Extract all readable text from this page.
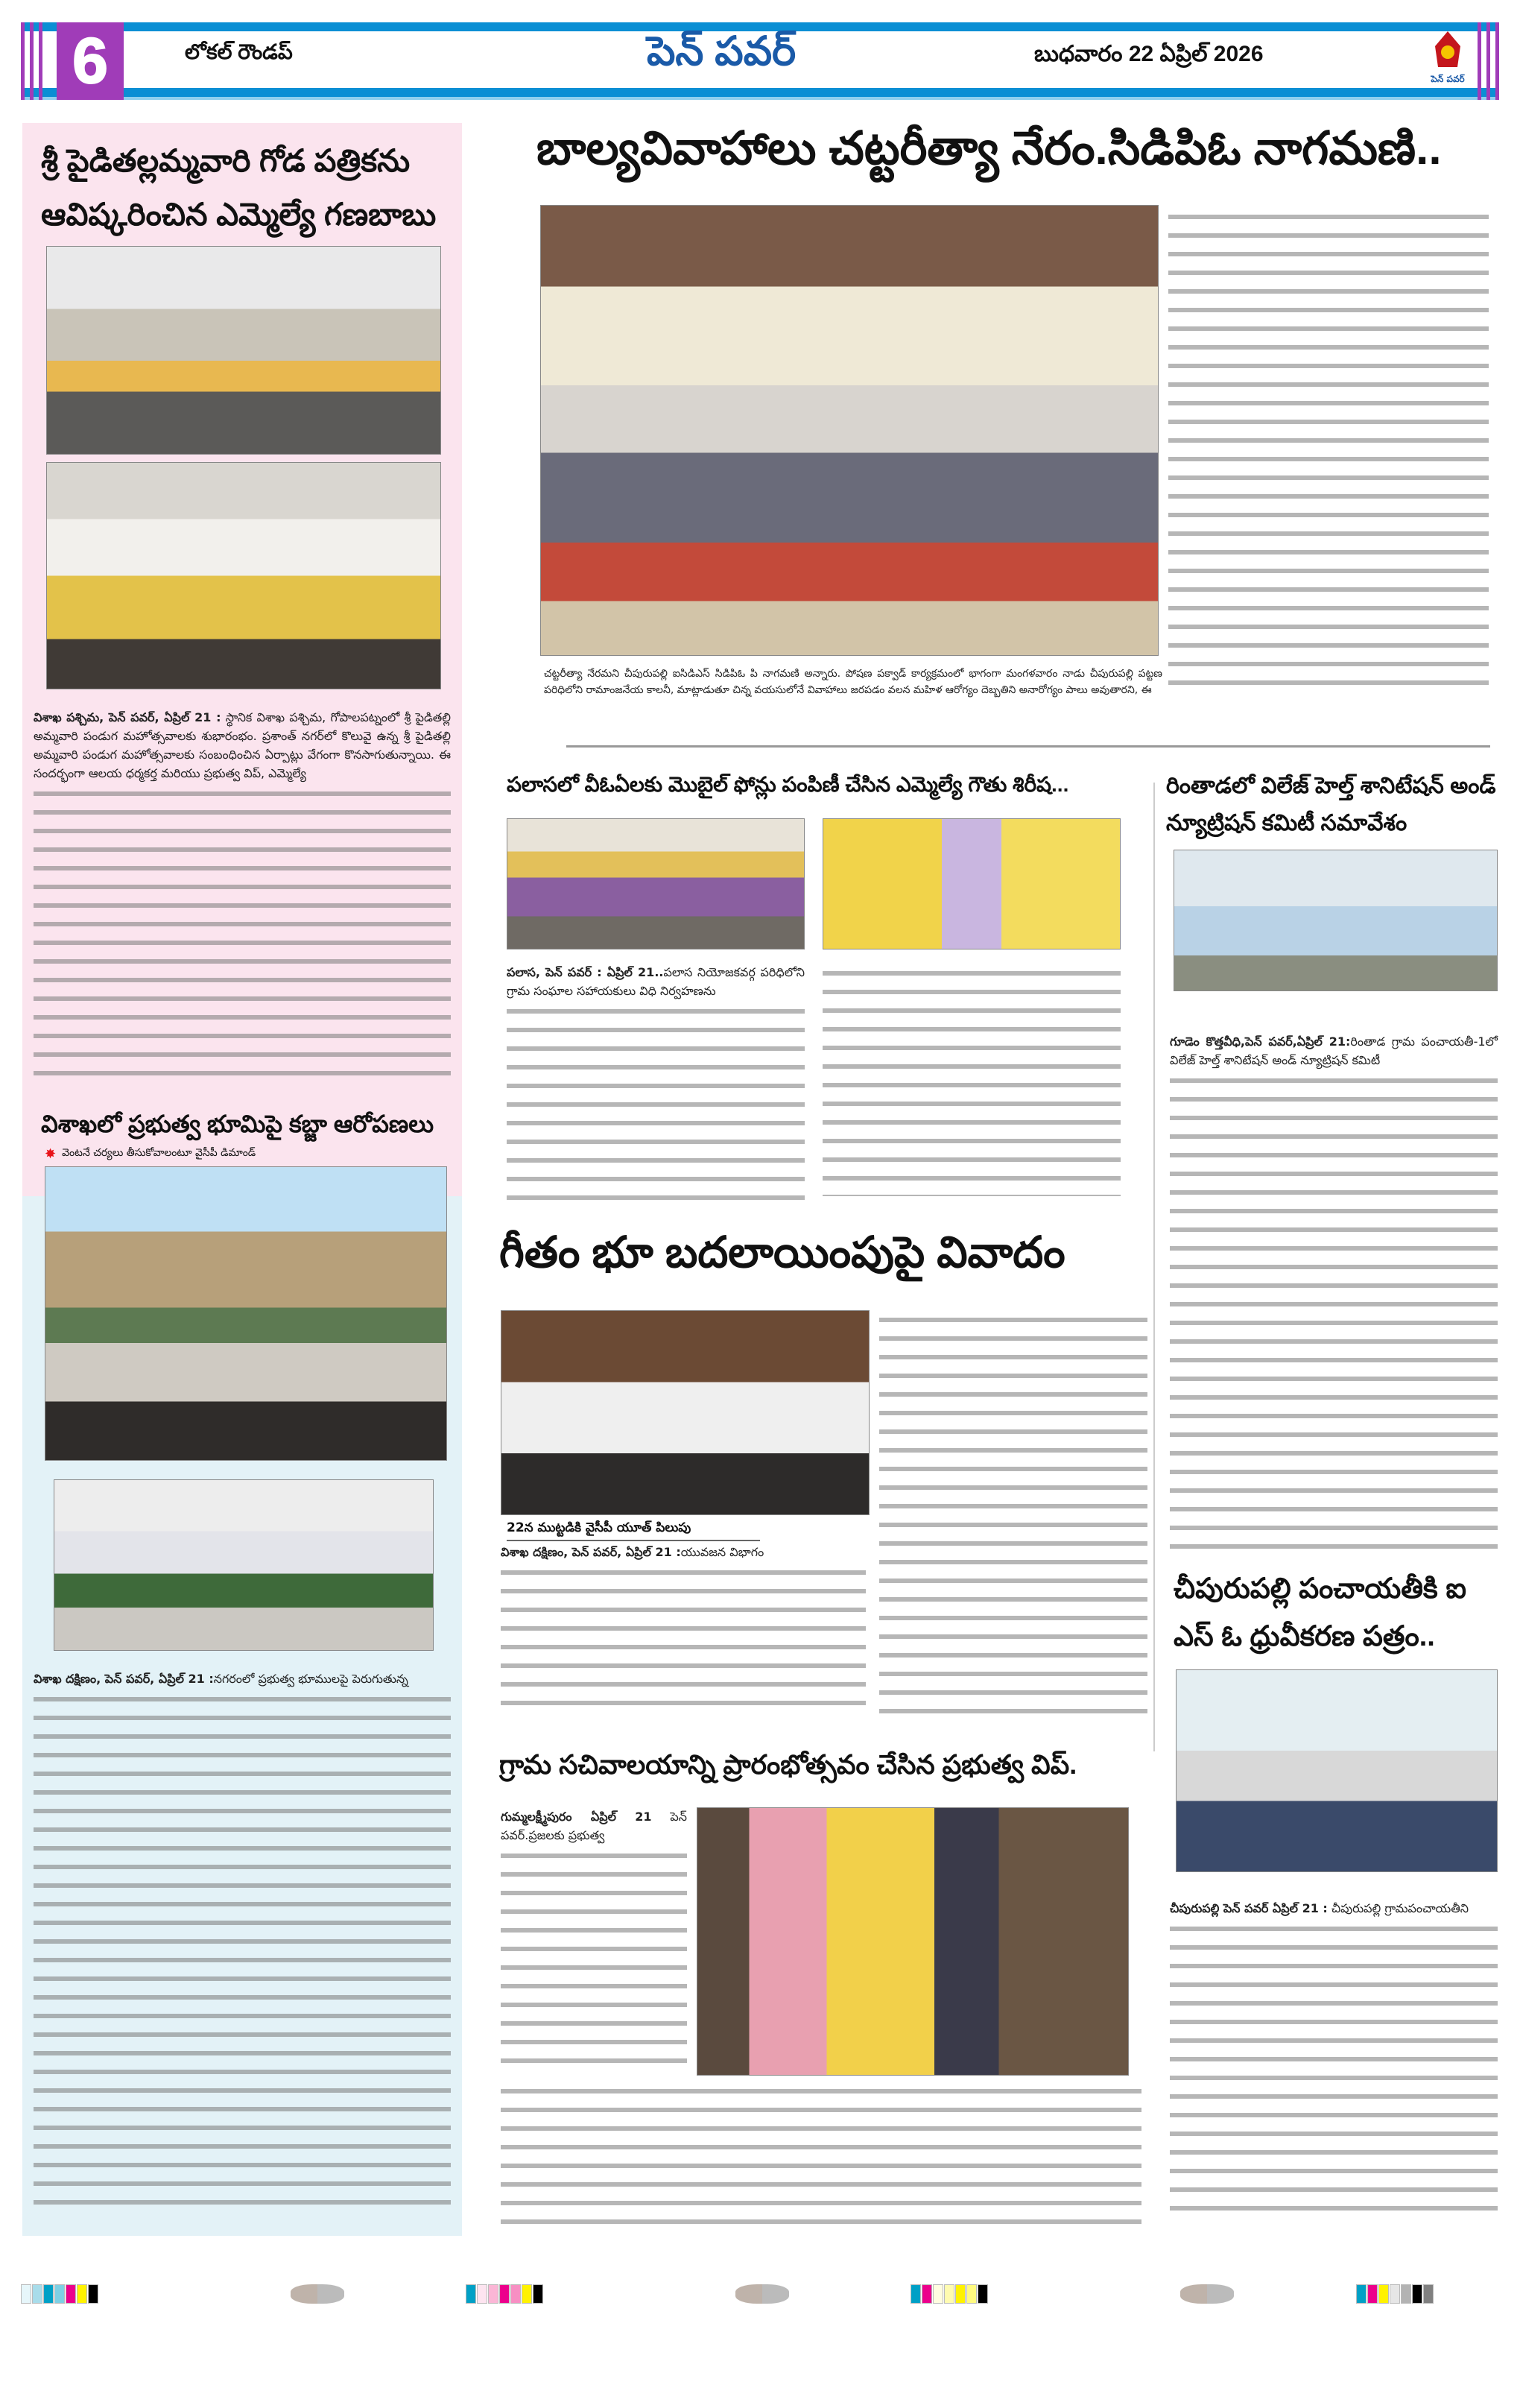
6	లోకల్ రౌండప్	పెన్ పవర్	బుధవారం 22 ఏప్రిల్ 2026
పెన్ పవర్
శ్రీ పైడితల్లమ్మవారి గోడ పత్రికను ఆవిష్కరించిన ఎమ్మెల్యే గణబాబు

విశాఖ పశ్చిమ, పెన్ పవర్, ఏప్రిల్ 21 : స్థానిక విశాఖ పశ్చిమ, గోపాలపట్నంలో శ్రీ పైడితల్లి అమ్మవారి పండుగ మహోత్సవాలకు శుభారంభం. ప్రశాంత్ నగర్‌లో కొలువై ఉన్న శ్రీ పైడితల్లి అమ్మవారి పండుగ మహోత్సవాలకు సంబంధించిన ఏర్పాట్లు వేగంగా కొనసాగుతున్నాయి. ఈ సందర్భంగా ఆలయ ధర్మకర్త మరియు ప్రభుత్వ విప్, ఎమ్మెల్యే

విశాఖలో ప్రభుత్వ భూమిపై కబ్జా ఆరోపణలు
✸ వెంటనే చర్యలు తీసుకోవాలంటూ వైసీపీ డిమాండ్

విశాఖ దక్షిణం, పెన్ పవర్, ఏప్రిల్ 21 :నగరంలో ప్రభుత్వ భూములపై పెరుగుతున్న

బాల్యవివాహాలు చట్టరీత్యా నేరం.సిడిపిఓ నాగమణి..
చట్టరీత్యా నేరమని చీపురుపల్లి ఐసిడిఎస్ సిడిపిఓ పి నాగమణి అన్నారు. పోషణ పక్వాడ్ కార్యక్రమంలో భాగంగా మంగళవారం నాడు చీపురుపల్లి పట్టణ పరిధిలోని రామాంజనేయ కాలనీ, మాట్లాడుతూ చిన్న వయసులోనే వివాహాలు జరపడం వలన మహిళ ఆరోగ్యం దెబ్బతిని అనారోగ్యం పాలు అవుతారని, ఈ
పలాసలో వీఓఏలకు మొబైల్ ఫోన్లు పంపిణీ చేసిన ఎమ్మెల్యే గౌతు శిరీష...

పలాస, పెన్ పవర్ : ఏప్రిల్ 21..పలాస నియోజకవర్గ పరిధిలోని గ్రామ సంఘాల సహాయకులు విధి నిర్వహణను

రింతాడలో విలేజ్ హెల్త్ శానిటేషన్ అండ్ న్యూట్రిషన్ కమిటీ సమావేశం

గూడెం కొత్తవీధి,పెన్ పవర్,ఏప్రిల్ 21:రింతాడ గ్రామ పంచాయతీ-1లో విలేజ్ హెల్త్ శానిటేషన్ అండ్ న్యూట్రిషన్ కమిటీ

గీతం భూ బదలాయింపుపై వివాదం
22న ముట్టడికి వైసీపీ యూత్ పిలుపు

విశాఖ దక్షిణం, పెన్ పవర్, ఏప్రిల్ 21 :యువజన విభాగం

చీపురుపల్లి పంచాయతీకి ఐ ఎస్ ఓ ధ్రువీకరణ పత్రం..

చీపురుపల్లి పెన్ పవర్ ఏప్రిల్ 21 : చీపురుపల్లి గ్రామపంచాయతీని

గ్రామ సచివాలయాన్ని ప్రారంభోత్సవం చేసిన ప్రభుత్వ విప్.

గుమ్మలక్ష్మీపురం ఏప్రిల్ 21 పెన్ పవర్.ప్రజలకు ప్రభుత్వ
